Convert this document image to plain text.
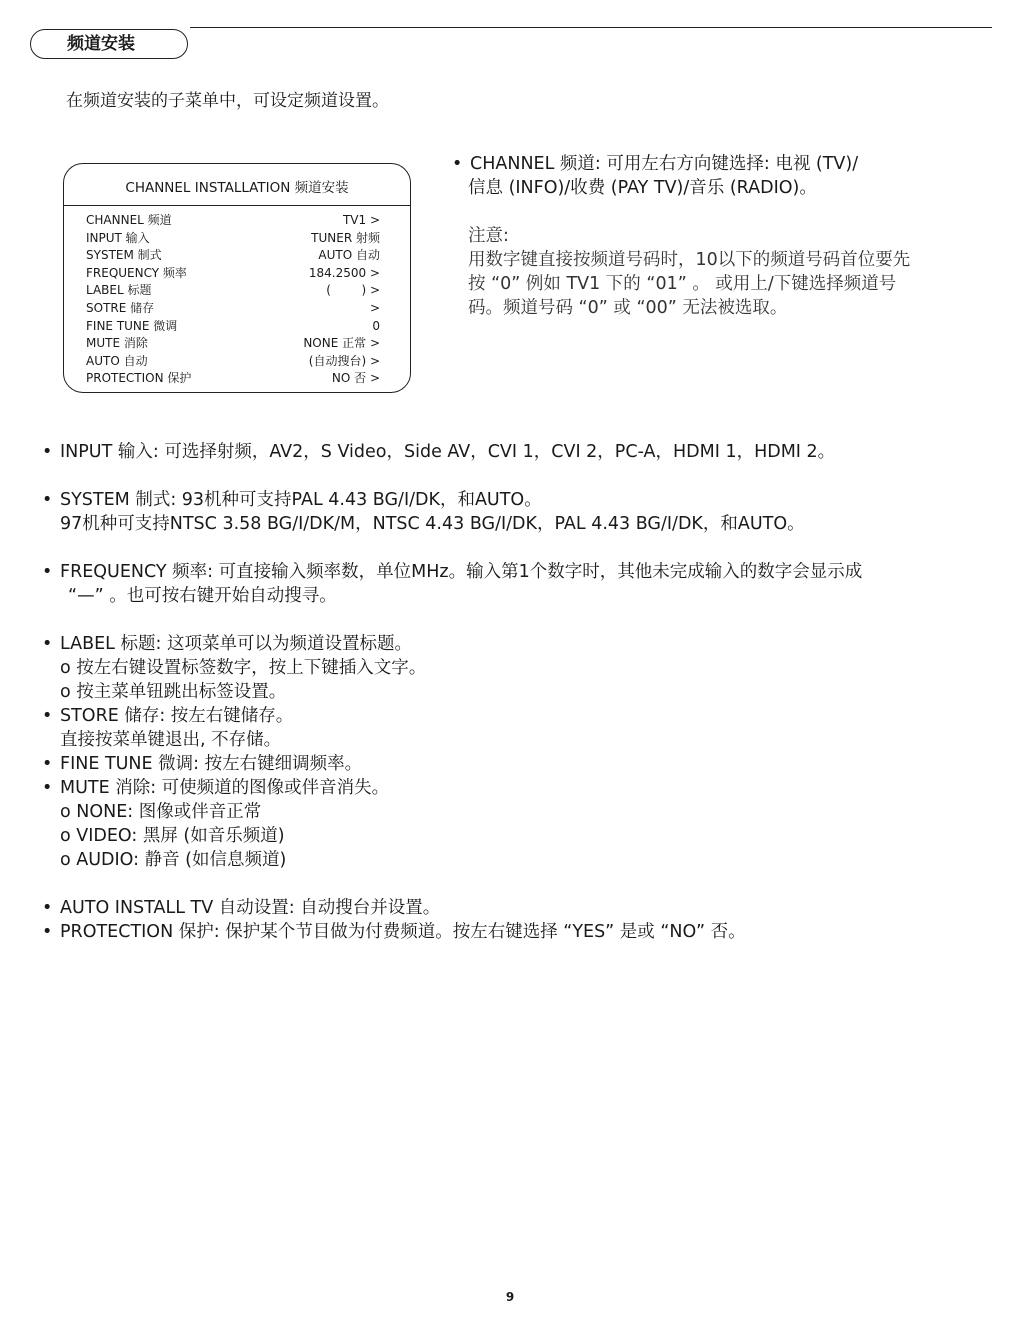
频道安装
在频道安装的子菜单中，可设定频道设置。
CHANNEL INSTALLATION 频道安装
CHANNEL 频道	TV1 >
INPUT 输入	TUNER 射频
SYSTEM 制式	AUTO 自动
FREQUENCY 频率	184.2500 >
LABEL 标题	(        ) >
SOTRE 储存	>
FINE TUNE 微调	0
MUTE 消除	NONE 正常 >
AUTO 自动	(自动搜台) >
PROTECTION 保护	NO 否 >
• CHANNEL 频道: 可用左右方向键选择: 电视 (TV)/
信息 (INFO)/收费 (PAY TV)/音乐 (RADIO)。
注意:
用数字键直接按频道号码时，10以下的频道号码首位要先
按 “0” 例如 TV1 下的 “01” 。 或用上/下键选择频道号
码。频道号码 “0” 或 “00” 无法被选取。
• INPUT 输入: 可选择射频，AV2，S Video，Side AV，CVI 1，CVI 2，PC-A，HDMI 1，HDMI 2。
• SYSTEM 制式: 93机种可支持PAL 4.43 BG/I/DK，和AUTO。
97机种可支持NTSC 3.58 BG/I/DK/M，NTSC 4.43 BG/I/DK，PAL 4.43 BG/I/DK，和AUTO。
• FREQUENCY 频率: 可直接输入频率数，单位MHz。输入第1个数字时，其他未完成输入的数字会显示成
“—” 。也可按右键开始自动搜寻。
• LABEL 标题: 这项菜单可以为频道设置标题。
o 按左右键设置标签数字，按上下键插入文字。
o 按主菜单钮跳出标签设置。
• STORE 储存: 按左右键储存。
直接按菜单键退出, 不存储。
• FINE TUNE 微调: 按左右键细调频率。
• MUTE 消除: 可使频道的图像或伴音消失。
o NONE: 图像或伴音正常
o VIDEO: 黑屏 (如音乐频道)
o AUDIO: 静音 (如信息频道)
• AUTO INSTALL TV 自动设置: 自动搜台并设置。
• PROTECTION 保护: 保护某个节目做为付费频道。按左右键选择 “YES” 是或 “NO” 否。
9
